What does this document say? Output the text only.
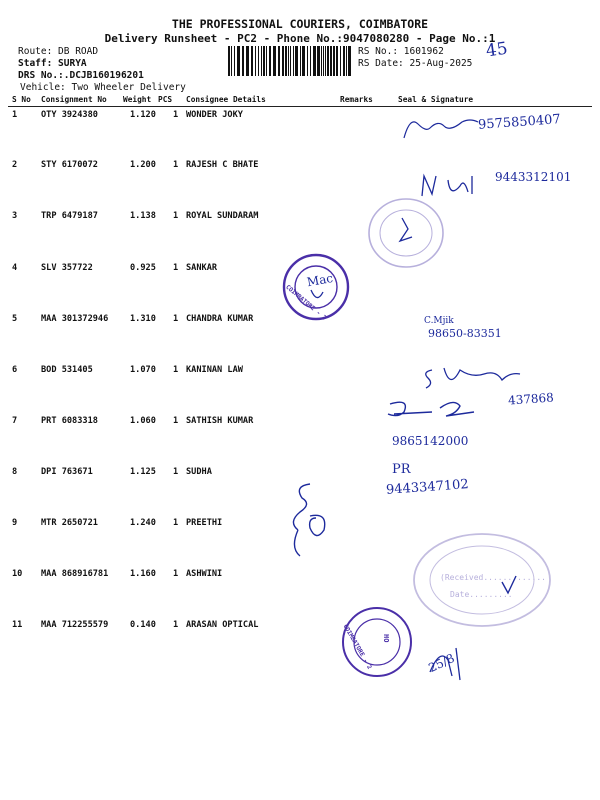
THE PROFESSIONAL COURIERS, COIMBATORE
Delivery Runsheet - PC2 - Phone No.:9047080280 - Page No.:1
Route: DB ROAD
Staff: SURYA
DRS No.:.DCJB160196201
Vehicle: Two Wheeler Delivery
RS No.: 1601962
RS Date: 25-Aug-2025
45
S No Consignment No Weight PCS Consignee Details	Remarks	Seal & Signature
1	OTY 3924380	1.120 1 WONDER JOKY
2	STY 6170072	1.200 1 RAJESH C BHATE
3	TRP 6479187	1.138 1 ROYAL SUNDARAM
4	SLV 357722	0.925 1 SANKAR
5	MAA 301372946	1.310 1 CHANDRA KUMAR
6	BOD 531405	1.070 1 KANINAN LAW
7	PRT 6083318	1.060 1 SATHISH KUMAR
8	DPI 763671	1.125 1 SUDHA
9	MTR 2650721	1.240 1 PREETHI
10 MAA 868916781	1.160 1 ASHWINI
11 MAA 712255579	0.140 1 ARASAN OPTICAL
Mac
COIMBATORE - 2
(Received.............
Date.........
HO
COIMBATORE - 2
9575850407
9443312101
C.Mjik
98650-83351
437868
9865142000
PR
9443347102
25/8
